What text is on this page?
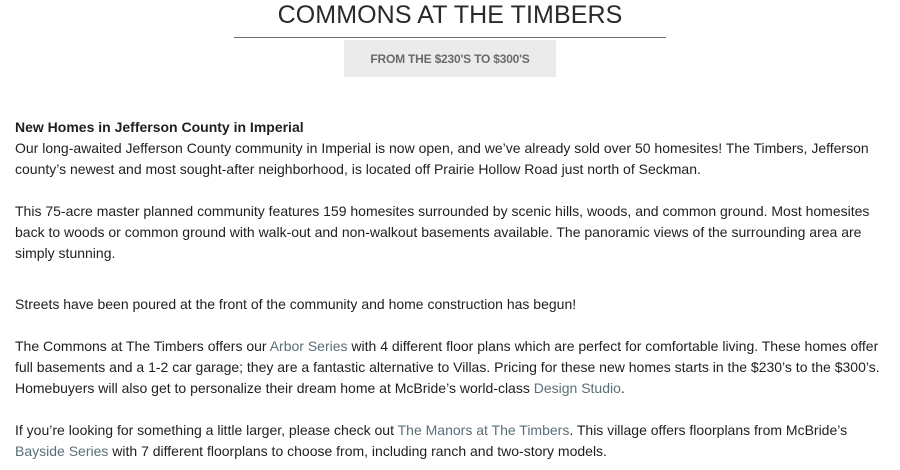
COMMONS AT THE TIMBERS
FROM THE $230'S TO $300'S

New Homes in Jefferson County in Imperial

Our long-awaited Jefferson County community in Imperial is now open, and we’ve already sold over 50 homesites! The Timbers, Jefferson county’s newest and most sought-after neighborhood, is located off Prairie Hollow Road just north of Seckman.

This 75-acre master planned community features 159 homesites surrounded by scenic hills, woods, and common ground. Most homesites back to woods or common ground with walk-out and non-walkout basements available. The panoramic views of the surrounding area are simply stunning.

Streets have been poured at the front of the community and home construction has begun!

The Commons at The Timbers offers our Arbor Series with 4 different floor plans which are perfect for comfortable living. These homes offer full basements and a 1-2 car garage; they are a fantastic alternative to Villas. Pricing for these new homes starts in the $230’s to the $300’s. Homebuyers will also get to personalize their dream home at McBride’s world-class Design Studio.

If you’re looking for something a little larger, please check out The Manors at The Timbers. This village offers floorplans from McBride’s Bayside Series with 7 different floorplans to choose from, including ranch and two-story models.
